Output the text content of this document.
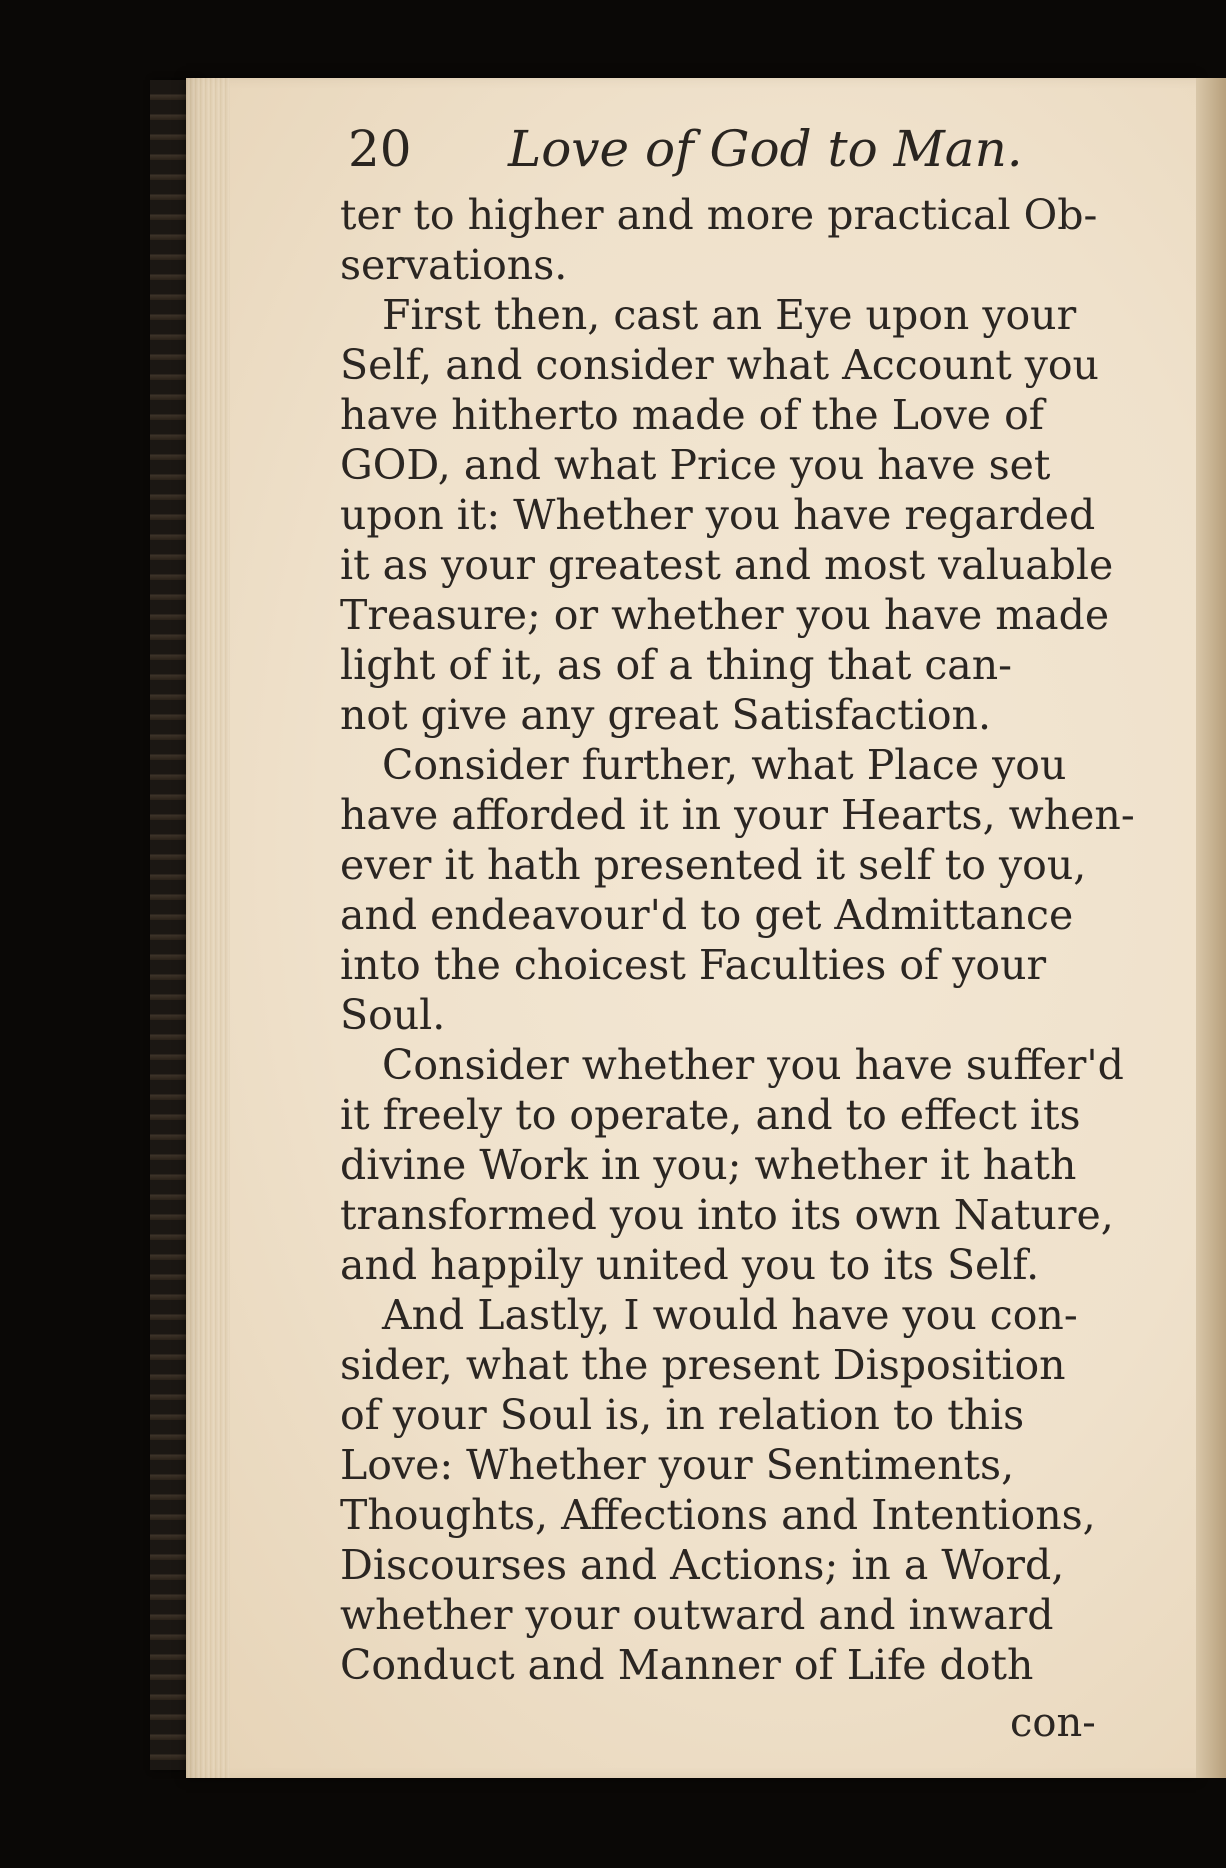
20 Love of God to Man.
ter to higher and more practical Ob-
servations.
First then, cast an Eye upon your
Self, and consider what Account you
have hitherto made of the Love of
GOD, and what Price you have set
upon it: Whether you have regarded
it as your greatest and most valuable
Treasure; or whether you have made
light of it, as of a thing that can-
not give any great Satisfaction.
Consider further, what Place you
have afforded it in your Hearts, when-
ever it hath presented it self to you,
and endeavour'd to get Admittance
into the choicest Faculties of your
Soul.
Consider whether you have suffer'd
it freely to operate, and to effect its
divine Work in you; whether it hath
transformed you into its own Nature,
and happily united you to its Self.
And Lastly, I would have you con-
sider, what the present Disposition
of your Soul is, in relation to this
Love: Whether your Sentiments,
Thoughts, Affections and Intentions,
Discourses and Actions; in a Word,
whether your outward and inward
Conduct and Manner of Life doth
con-
